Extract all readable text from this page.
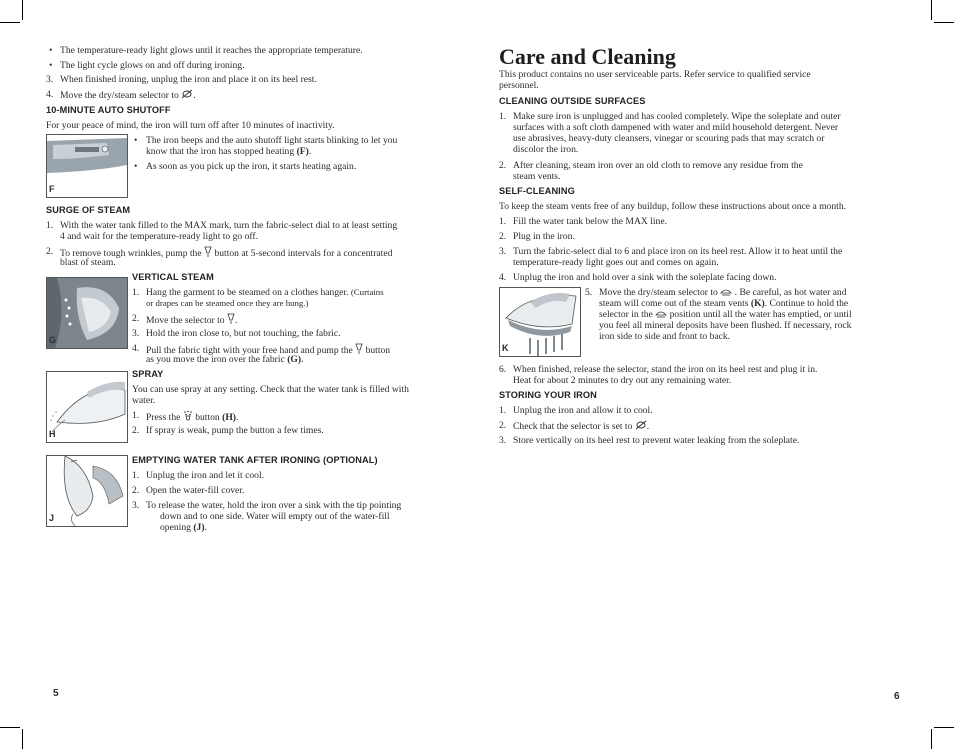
• The temperature-ready light glows until it reaches the appropriate temperature.
• The light cycle glows on and off during ironing.
3. When finished ironing, unplug the iron and place it on its heel rest.
4. Move the dry/steam selector to .
10-MINUTE AUTO SHUTOFF
For your peace of mind, the iron will turn off after 10 minutes of inactivity.
F
• The iron beeps and the auto shutoff light starts blinking to let you
know that the iron has stopped heating (F).
• As soon as you pick up the iron, it starts heating again.
SURGE OF STEAM
1. With the water tank filled to the MAX mark, turn the fabric-select dial to at least setting
4 and wait for the temperature-ready light to go off.
2. To remove tough wrinkles, pump the button at 5-second intervals for a concentrated
blast of steam.
G
VERTICAL STEAM
1. Hang the garment to be steamed on a clothes hanger. (Curtains
or drapes can be steamed once they are hung.)
2. Move the selector to .
3. Hold the iron close to, but not touching, the fabric.
4. Pull the fabric tight with your free hand and pump the button
as you move the iron over the fabric (G).
H
SPRAY
You can use spray at any setting. Check that the water tank is filled with
water.
1. Press the button (H).
2. If spray is weak, pump the button a few times.
J
EMPTYING WATER TANK AFTER IRONING (OPTIONAL)
1. Unplug the iron and let it cool.
2. Open the water-fill cover.
3. To release the water, hold the iron over a sink with the tip pointing
down and to one side. Water will empty out of the water-fill
opening (J).
5
Care and Cleaning
This product contains no user serviceable parts. Refer service to qualified service
personnel.
CLEANING OUTSIDE SURFACES
1. Make sure iron is unplugged and has cooled completely. Wipe the soleplate and outer
surfaces with a soft cloth dampened with water and mild household detergent. Never
use abrasives, heavy-duty cleansers, vinegar or scouring pads that may scratch or
discolor the iron.
2. After cleaning, steam iron over an old cloth to remove any residue from the
steam vents.
SELF-CLEANING
To keep the steam vents free of any buildup, follow these instructions about once a month.
1. Fill the water tank below the MAX line.
2. Plug in the iron.
3. Turn the fabric-select dial to 6 and place iron on its heel rest. Allow it to heat until the
temperature-ready light goes out and comes on again.
4. Unplug the iron and hold over a sink with the soleplate facing down.
K
5. Move the dry/steam selector to . Be careful, as hot water and
steam will come out of the steam vents (K). Continue to hold the
selector in the position until all the water has emptied, or until
you feel all mineral deposits have been flushed. If necessary, rock
iron side to side and front to back.
6. When finished, release the selector, stand the iron on its heel rest and plug it in.
Heat for about 2 minutes to dry out any remaining water.
STORING YOUR IRON
1. Unplug the iron and allow it to cool.
2. Check that the selector is set to .
3. Store vertically on its heel rest to prevent water leaking from the soleplate.
6
